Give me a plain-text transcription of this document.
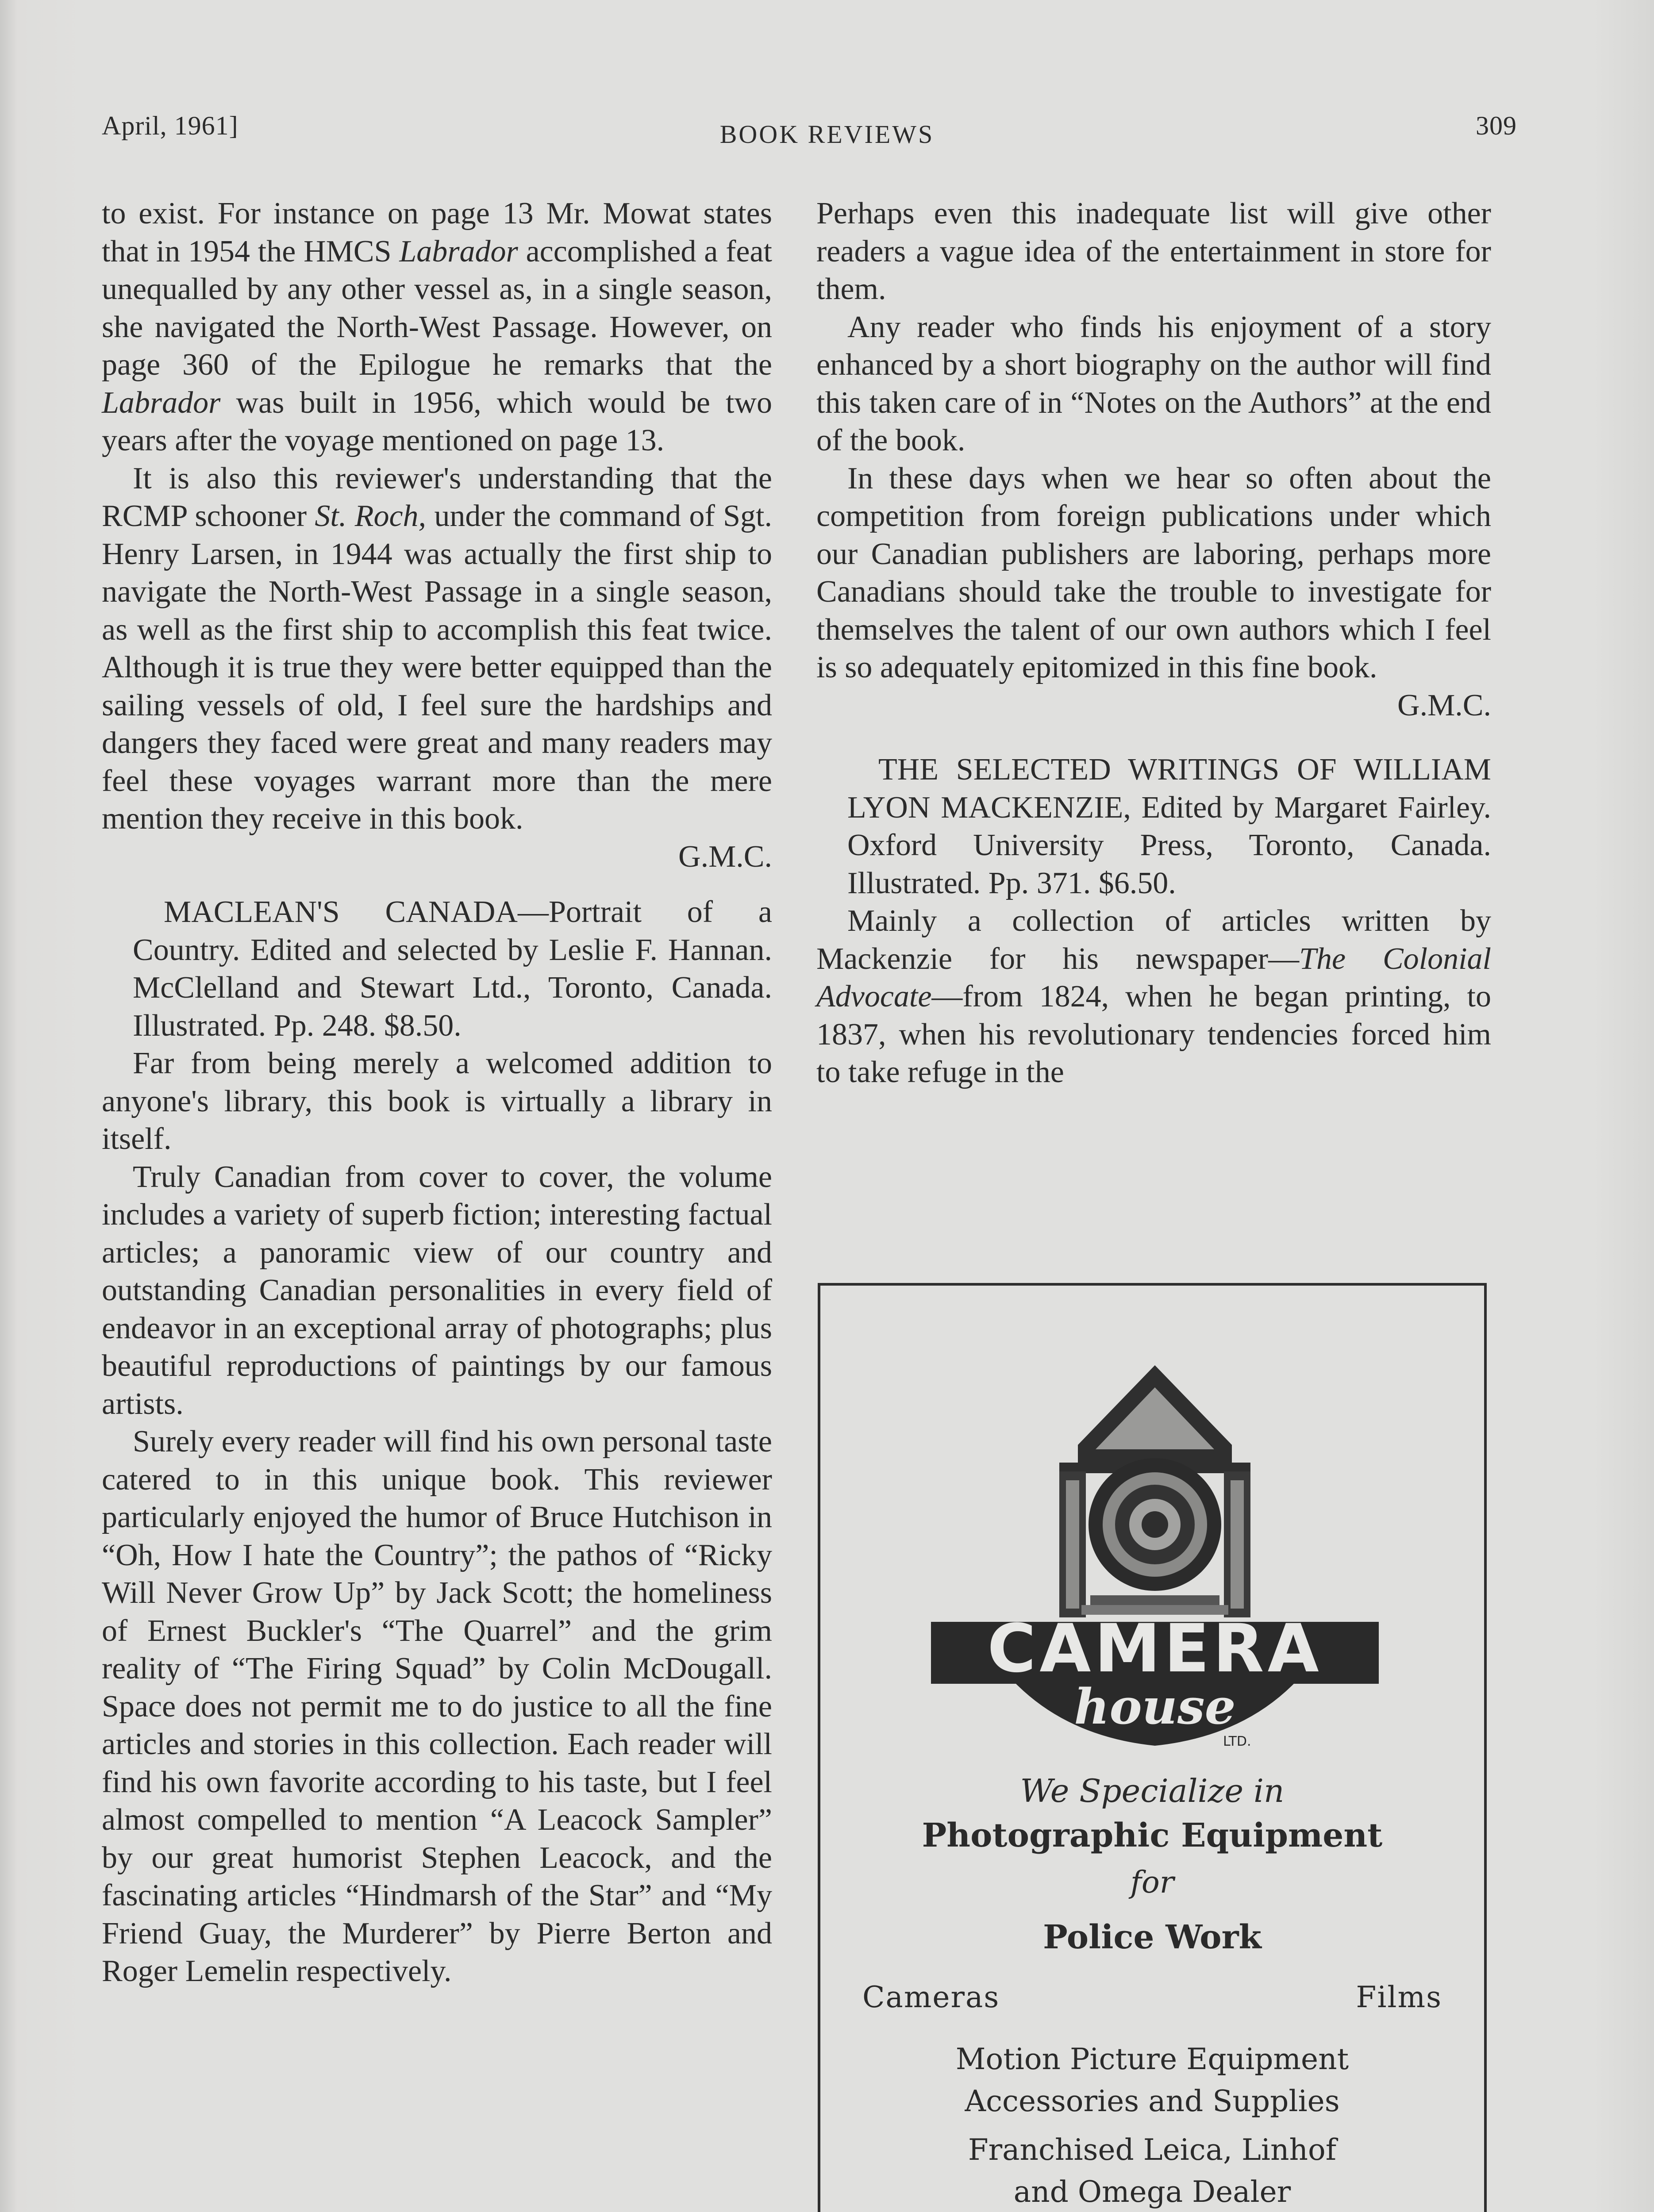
April, 1961]	BOOK REVIEWS	309

to exist. For instance on page 13 Mr. Mowat states that in 1954 the HMCS Labrador accomplished a feat unequalled by any other vessel as, in a single season, she navigated the North-West Passage. However, on page 360 of the Epilogue he remarks that the Labrador was built in 1956, which would be two years after the voyage mentioned on page 13.

It is also this reviewer's understanding that the RCMP schooner St. Roch, under the command of Sgt. Henry Larsen, in 1944 was actually the first ship to navigate the North-West Passage in a single season, as well as the first ship to accomplish this feat twice. Although it is true they were better equipped than the sailing vessels of old, I feel sure the hardships and dangers they faced were great and many readers may feel these voyages warrant more than the mere mention they receive in this book.

G.M.C.

MACLEAN'S CANADA—Portrait of a Country. Edited and selected by Leslie F. Hannan. McClelland and Stewart Ltd., Toronto, Canada. Illustrated. Pp. 248. $8.50.

Far from being merely a welcomed addition to anyone's library, this book is virtually a library in itself.

Truly Canadian from cover to cover, the volume includes a variety of superb fiction; interesting factual articles; a panoramic view of our country and outstanding Canadian personalities in every field of endeavor in an exceptional array of photographs; plus beautiful reproductions of paintings by our famous artists.

Surely every reader will find his own personal taste catered to in this unique book. This reviewer particularly enjoyed the humor of Bruce Hutchison in “Oh, How I hate the Country”; the pathos of “Ricky Will Never Grow Up” by Jack Scott; the homeliness of Ernest Buckler's “The Quarrel” and the grim reality of “The Firing Squad” by Colin McDougall. Space does not permit me to do justice to all the fine articles and stories in this collection. Each reader will find his own favorite according to his taste, but I feel almost compelled to mention “A Leacock Sampler” by our great humorist Stephen Leacock, and the fascinating articles “Hindmarsh of the Star” and “My Friend Guay, the Murderer” by Pierre Berton and Roger Lemelin respectively.

Perhaps even this inadequate list will give other readers a vague idea of the entertainment in store for them.

Any reader who finds his enjoyment of a story enhanced by a short biography on the author will find this taken care of in “Notes on the Authors” at the end of the book.

In these days when we hear so often about the competition from foreign publications under which our Canadian publishers are laboring, perhaps more Canadians should take the trouble to investigate for themselves the talent of our own authors which I feel is so adequately epitomized in this fine book.

G.M.C.

THE SELECTED WRITINGS OF WILLIAM LYON MACKENZIE, Edited by Margaret Fairley. Oxford University Press, Toronto, Canada. Illustrated. Pp. 371. $6.50.

Mainly a collection of articles written by Mackenzie for his newspaper—The Colonial Advocate—from 1824, when he began printing, to 1837, when his revolutionary tendencies forced him to take refuge in the

CAMERA
house
LTD.
We Specialize in
Photographic Equipment
for
Police Work
Cameras	Films
Motion Picture Equipment
Accessories and Supplies
Franchised Leica, Linhof
and Omega Dealer
